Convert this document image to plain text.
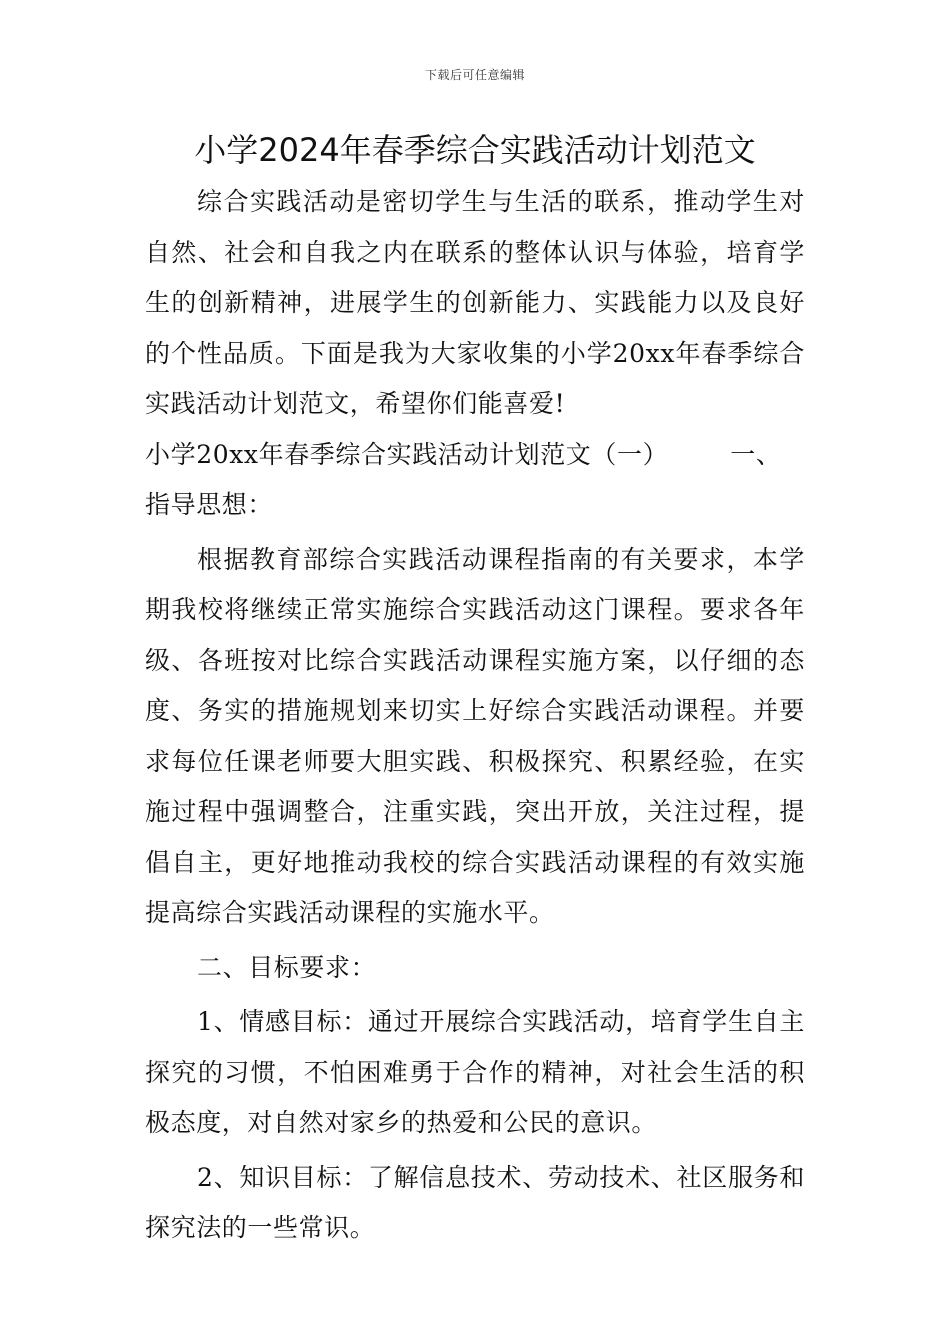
下载后可任意编辑
小学2024年春季综合实践活动计划范文

综合实践活动是密切学生与生活的联系，推动学生对自然、社会和自我之内在联系的整体认识与体验，培育学生的创新精神，进展学生的创新能力、实践能力以及良好的个性品质。下面是我为大家收集的小学20xx年春季综合实践活动计划范文，希望你们能喜爱!

小学20xx年春季综合实践活动计划范文（一） 一、指导思想：

根据教育部综合实践活动课程指南的有关要求，本学期我校将继续正常实施综合实践活动这门课程。要求各年级、各班按对比综合实践活动课程实施方案，以仔细的态度、务实的措施规划来切实上好综合实践活动课程。并要求每位任课老师要大胆实践、积极探究、积累经验，在实施过程中强调整合，注重实践，突出开放，关注过程，提倡自主，更好地推动我校的综合实践活动课程的有效实施提高综合实践活动课程的实施水平。

二、目标要求：

1、情感目标：通过开展综合实践活动，培育学生自主探究的习惯，不怕困难勇于合作的精神，对社会生活的积极态度，对自然对家乡的热爱和公民的意识。

2、知识目标：了解信息技术、劳动技术、社区服务和探究法的一些常识。
